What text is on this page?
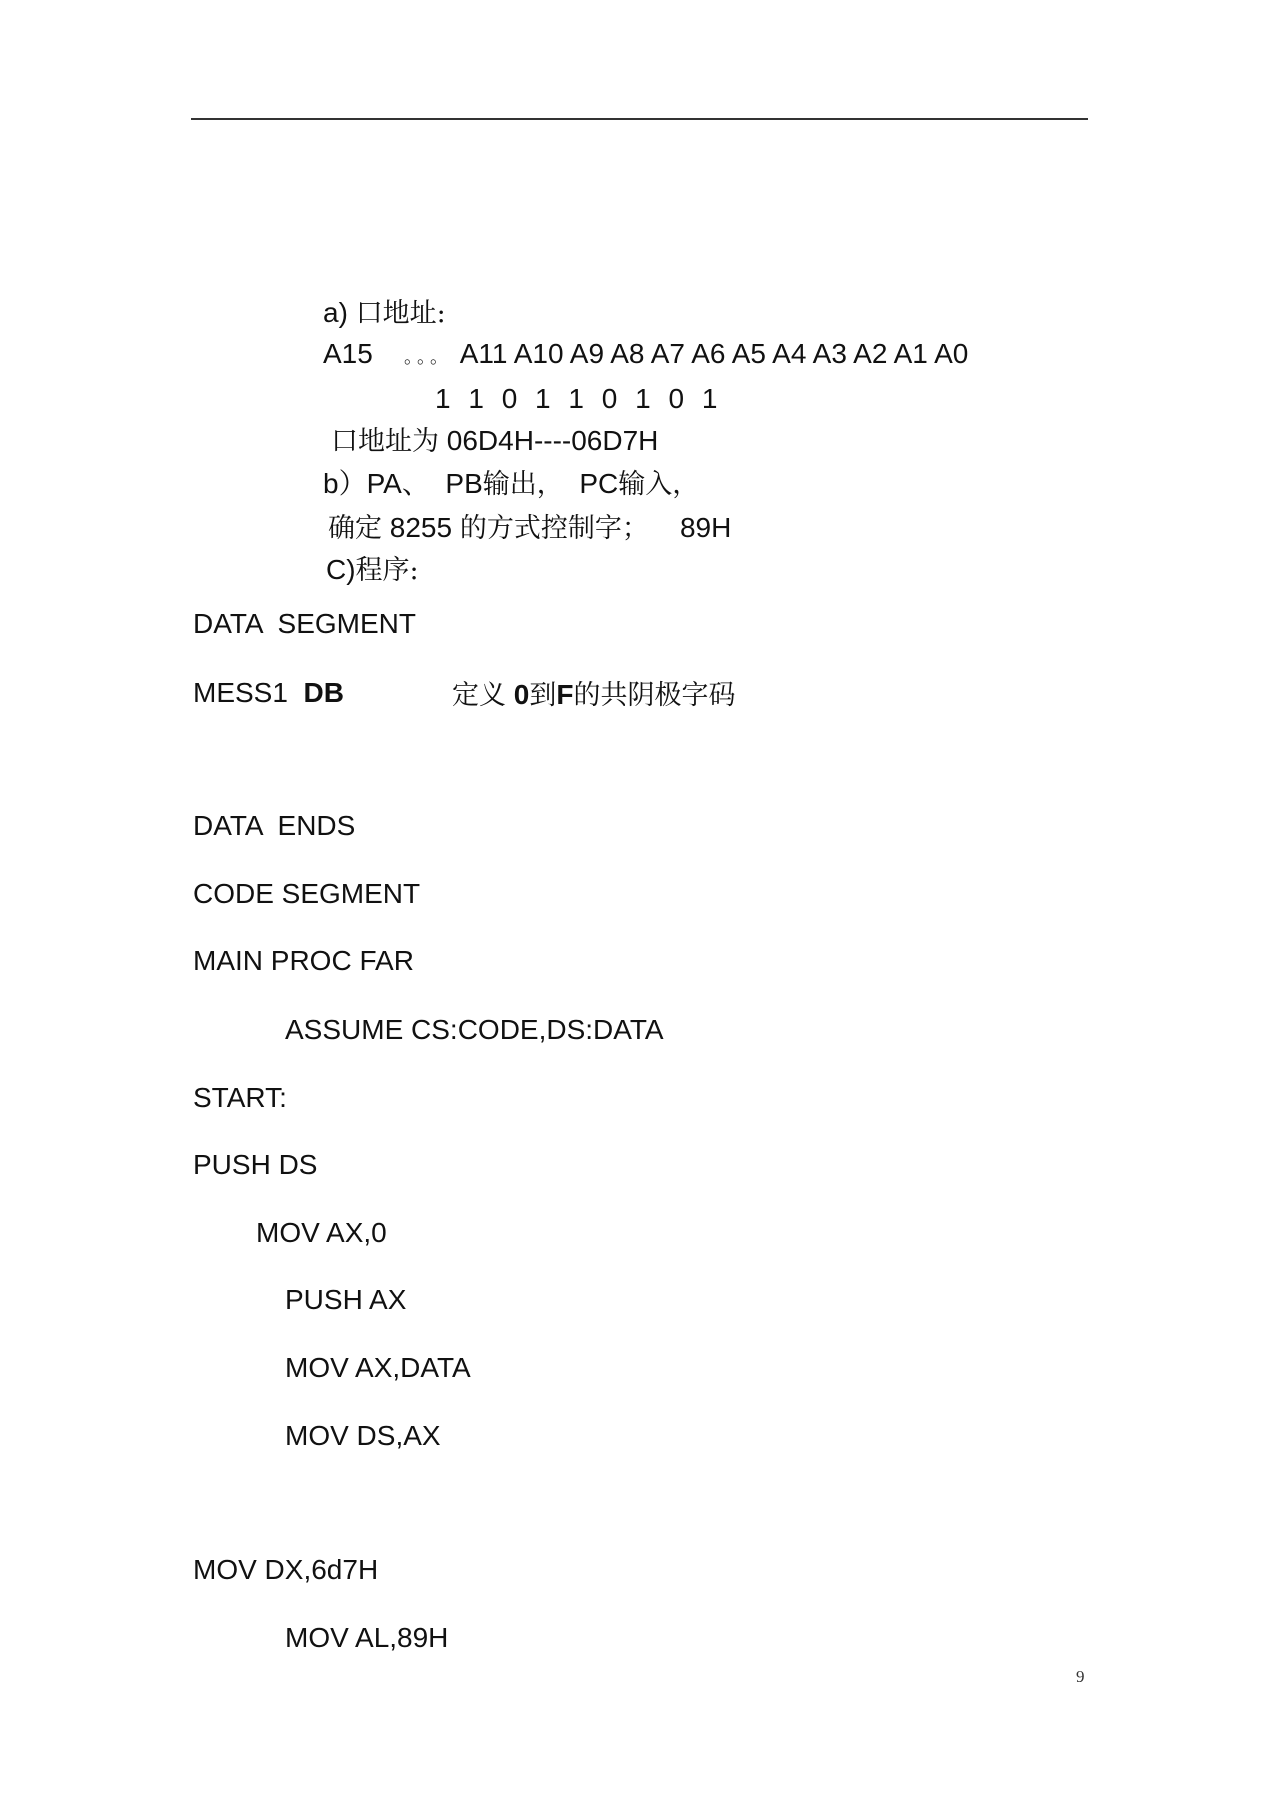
a) 口地址:
A15 。。。 A11 A10 A9 A8 A7 A6 A5 A4 A3 A2 A1 A0
1 1 0 1 1 0 1 0 1
口地址为 06D4H----06D7H
b）PA、 PB输出， PC输入，
确定 8255 的方式控制字； 89H
C)程序:
DATA  SEGMENT
MESS1 DB	定义 0到F的共阴极字码
DATA  ENDS
CODE SEGMENT
MAIN PROC FAR
ASSUME CS:CODE,DS:DATA
START:
PUSH DS
MOV AX,0
PUSH AX
MOV AX,DATA
MOV DS,AX
MOV DX,6d7H
MOV AL,89H
9
